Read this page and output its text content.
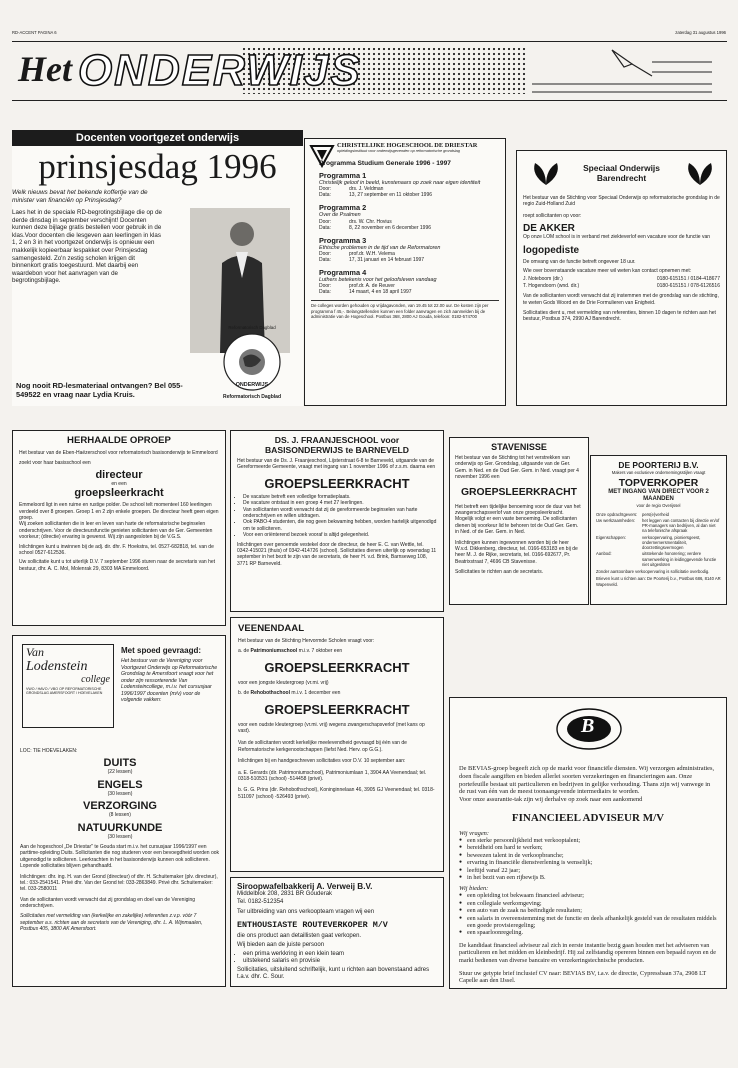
RD-ACCENT PAGINA 6	zaterdag 31 augustus 1996
Het ONDERWIJS
Docenten voortgezet onderwijs
prinsjesdag 1996
Welk nieuws bevat het bekende koffertje van de minister van financiën op Prinsjesdag?
Laes het in de speciale RD-begrotingsbijlage die op de derde dinsdag in september verschijnt! Docenten kunnen deze bijlage gratis bestellen voor gebruik in de klas.Voor docenten die lesgeven aan leerlingen in klas 1, 2 en 3 in het voortgezet onderwijs is opnieuw een makkelijk kopieerbaar lespakket over Prinsjesdag samengesteld. Zo'n zestig scholen krijgen dit binnenkort gratis toegestuurd. Met daarbij een waardebon voor het aanvragen van de begrotingsbijlage.
Reformatorisch Dagblad
ONDERWIJS
Reformatorisch Dagblad
Nog nooit RD-lesmateriaal ontvangen? Bel 055-549522 en vraag naar Lydia Kruis.
CHRISTELIJKE HOGESCHOOL DE DRIESTAR
opleidingsinstituut voor onderwijsgevenden op reformatorische grondslag
Programma Studium Generale 1996 - 1997
Programma 1
Christelijk geloof in beeld, kunstenaars op zoek naar eigen identiteit
Door:	drs. J. Veldman
Data:	13, 27 september en 11 oktober 1996
Programma 2
Over de Psalmen
Door:	drs. W. Chr. Hovius
Data:	8, 22 november en 6 december 1996
Programma 3
Ethische problemen in de tijd van de Reformatoren
Door:	prof.dr. W.H. Velema
Data:	17, 31 januari en 14 februari 1997
Programma 4
Luthers betekenis voor het geloofsleven vandaag
Door:	prof.dr. A. de Reuver
Data:	14 maart, 4 en 18 april 1997
De colleges worden gehouden op vrijdagavonden, van 19.45 tot 22.00 uur. De kosten zijn per programma f 45,-. Belangstellenden kunnen een folder aanvragen en zich aanmelden bij de administratie van de Hogeschool. Postbus 368, 2800 AJ Gouda, telefoon: 0182-574700
Speciaal Onderwijs Barendrecht
Het bestuur van de Stichting voor Speciaal Onderwijs op reformatorische grondslag in de regio Zuid-Holland Zuid
roept sollicitanten op voor:
DE AKKER
Op onze LOM school is in verband met ziekteverlof een vacature voor de functie van
logopediste
De omvang van de functie betreft ongeveer 18 uur.
Wie over bovenstaande vacature meer wil weten kan contact opnemen met:
J. Noteboom (dir.)	0180-615151 / 0184-418677
T. Hogendoorn (wnd. dir.)	0180-615151 / 078-6126516
Van de sollicitanten wordt verwacht dat zij instemmen met de grondslag van de stichting, te weten Gods Woord en de Drie Formulieren van Enigheid.
Sollicitaties dient u, met vermelding van referenties, binnen 10 dagen te richten aan het bestuur, Postbus 374, 2990 AJ Barendrecht.
HERHAALDE OPROEP
Het bestuur van de Eben-Haëzerschool voor reformatorisch basisonderwijs te Emmeloord
zoekt voor haar basisschool een
directeur
en een
groepsleerkracht
Emmeloord ligt in een ruime en rustige polder. De school telt momenteel 160 leerlingen verdeeld over 8 groepen. Groep 1 en 2 zijn enkele groepen. De directeur heeft geen eigen groep.
Wij zoeken sollicitanten die in leer en leven van harte de reformatorische beginselen onderschrijven. Voor de directeursfunctie genieten sollicitanten van de Ger. Gemeenten voorkeur; (directie) ervaring is gewenst. Wij zijn aangesloten bij de V.G.S.
Inlichtingen kunt u inwinnen bij de adj. dir. dhr. F. Hoekstra, tel. 0527-682818, tel. van de school 0527-612536.
Uw sollicitatie kunt u tot uiterlijk D.V. 7 september 1996 sturen naar de secretaris van het bestuur, dhr. A. C. Mol, Molenrak 29, 8303 MA Emmeloord.
DS. J. FRAANJESCHOOL voor BASISONDERWIJS te BARNEVELD
Het bestuur van de Ds. J. Fraanjeschool, Lijsterstraat 6-8 te Barneveld, uitgaande van de Gereformeerde Gemeente, vraagt met ingang van 1 november 1996 of z.s.m. daarna een
GROEPSLEERKRACHT
• De vacature betreft een volledige formatieplaats.
• De vacature ontstaat in een groep 4 met 27 leerlingen.
• Van sollicitanten wordt verwacht dat zij de gereformeerde beginselen van harte onderschrijven en willen uitdragen.
• Ook PABO-4 studenten, die nog geen bekwaming hebben, worden hartelijk uitgenodigd om te solliciteren.
• Voor een oriënterend bezoek vooraf is altijd gelegenheid.
Inlichtingen over genoemde vestekel door de directeur, de heer E. C. van Wettle, tel. 0342-415021 (thuis) of 0342-414726 (school). Sollicitaties dienen uiterlijk op woensdag 11 september in het bezit te zijn van de secretaris, de heer H. v.d. Brink, Barnseweg 108, 3771 RP Barneveld.
STAVENISSE
Het bestuur van de Stichting tot het verstrekken van onderwijs op Ger. Grondslag, uitgaande van de Ger. Gem. in Ned. en de Oud Ger. Gem. in Ned. vraagt per 4 november 1996 een
GROEPSLEERKRACHT
Het betreft een tijdelijke benoeming voor de duur van het zwangerschapsverlof van onze groepsleerkracht. Mogelijk volgt er een vaste benoeming. De sollicitanten dienen bij voorkeur lid te behoren tot de Oud Ger. Gem. in Ned. of de Ger. Gem. in Ned.
Inlichtingen kunnen ingewonnen worden bij de heer W.v.d. Dikkenberg, directeur, tel. 0166-653183 en bij de heer M. J. de Rijke, secretaris, tel. 0166-692677, Pr. Beatrixstraat 7, 4696 CB Stavenisse.
Sollicitaties te richten aan de secretaris.
DE POORTERIJ B.V.
Makers van exclusieve ondernemingsstijlen vraagt
TOPVERKOPER
MET INGANG VAN DIRECT VOOR 2 MAANDEN
voor de regio Overijssel
Onze opdrachtgevers:	pers(e)verheid
Uw werkzaamheden:	het leggen van contacten bij directie en/of PR-managers van bedrijven, al dan niet na telefonische afspraak
Eigenschappen:	verkoopervaring, pioniersgeest, ondernemersmentaliteit, doorzettingsvermogen
Aanbod:	uitstekende honorering; verdere samenwerking in leidinggevende functie niet uitgesloten
Zonder aantoonbare verkoopervaring is sollicitatie overbodig.
Brieven kunt u richten aan: De Poorterij b.v., Postbus 686, 8140 AR Wapenveld.
Van
Lodenstein
college
VWO / HAVO / VBO OP REFORMATORISCHE GRONDSLAG AMERSFOORT / HOEVELAKEN
Met spoed gevraagd:
Het bestuur van de Vereniging voor Voortgezet Onderwijs op Reformatorische Grondslag te Amersfoort vraagt voor het onder zijn ressorterende Van Lodensteincollege, m.i.v. het cursusjaar 1996/1997 docenten (m/v) voor de volgende vakken:
LOC: TIE HOEVELAKEN:
DUITS
(22 lessen)
ENGELS
(30 lessen)
VERZORGING
(8 lessen)
NATUURKUNDE
(30 lessen)
Aan de hogeschool „De Driestar" te Gouda start m.i.v. het cursusjaar 1996/1997 een parttime-opleiding Duits. Sollicitanten die nog studeren voor een bevoegdheid worden ook uitgenodigd te solliciteren. Leerkrachten in het basisonderwijs kunnen ook solliciteren. Lopende sollicitaties blijven gehandhaafd.
Inlichtingen: dhr. ing. H. van der Grond (directeur) of dhr. H. Schuitemaker (plv. directeur), tel.: 033-2541541. Privé dhr. Van der Grond tel: 033-2863849. Privé dhr. Schuitemaker: tel. 033-2580011
Van de sollicitanten wordt verwacht dat zij grondslag en doel van de Vereniging onderschrijven.
Sollicitaties met vermelding van (kerkelijke en zakelijke) referenties z.v.p. vóór 7 september a.s. richten aan de secretaris van de Vereniging, dhr. L. A. Wijnmaalen, Postbus 405, 3800 AK Amersfoort.
VEENENDAAL
Het bestuur van de Stichting Hervormde Scholen vraagt voor:
a. de Patrimoniumschool m.i.v. 7 oktober een
GROEPSLEERKRACHT
voor een jongste kleutergroep (vr.mi. vrij)
b. de Rehobothschool m.i.v. 1 december een
GROEPSLEERKRACHT
voor een oudste kleutergroep (vr.mi. vrij) wegens zwangerschapsverlof (met kans op vast).
Van de sollicitanten wordt kerkelijke meelevendheid gevraagd bij één van de Reformatorische kerkgenootschappen (liefst Ned. Herv. op G.G.).
Inlichtingen bij en handgeschreven sollicitaties voor D.V. 10 september aan:
a. E. Gerards (dir. Patrimoniumschool), Patrimoniumlaan 1, 3904 AA Veenendaal; tel. 0318-510531 (school) -514458 (privé).
b. G. G. Prins (dir. Rehobothschool), Koninginnelaan 46, 3905 GJ Veenendaal; tel. 0318-511097 (school) -526493 (privé).
Siroopwafelbakkerij A. Verweij B.V.
Middelblok 208, 2831 BR Gouderak
Tel. 0182-512354
Ter uitbreiding van ons verkoopteam vragen wij een
ENTHOUSIASTE ROUTEVERKOPER M/V
die ons product aan detaillisten gaat verkopen.
Wij bieden aan de juiste persoon
• een prima werkkring in een klein team
• uitstekend salaris en provisie
Sollicitaties, uitsluitend schriftelijk, kunt u richten aan bovenstaand adres t.a.v. dhr. C. Sour.
B
De BEVIAS-groep begeeft zich op de markt voor financiële diensten. Wij verzorgen administraties, doen fiscale aangiften en bieden allerlei soorten verzekeringen en financieringen aan. Onze portefeuille bestaat uit particulieren en bedrijven in gelijke verhouding. Thans zijn wij vanwege in de rust van één van de meest toonaangevende intermediairs te worden.
Voor onze assurantie-tak zijn wij derhalve op zoek naar een aankomend
FINANCIEEL ADVISEUR M/V
Wij vragen:
● een sterke persoonlijkheid met verkooptalent;
● bereidheid om hard te werken;
● beweezen talent in de verkoopbranche;
● ervaring in financiële dienstverlening is wenselijk;
● leeftijd vanaf 22 jaar;
● in het bezit van een rijbewijs B.
Wij bieden:
● een opleiding tot bekwaam financieel adviseur;
● een collegiale werkomgeving;
● een auto van de zaak na beëindigde resultaten;
● een salaris in overeenstemming met de functie en deels afhankelijk gesteld van de resultaten middels een goede provisieregeling;
● een spaarloonregeling.
De kandidaat financieel adviseur zal zich in eerste instantie bezig gaan houden met het adviseren van particulieren en het midden en kleinbedrijf. Hij zal zelfstandig opereren binnen een bepaald rayon en de markt bedienen van diverse bancaire en verzekeringstechnische producten.
Stuur uw getypte brief inclusief CV naar: BEVIAS BV, t.a.v. de directie, Cypressbaan 37a, 2908 LT Capelle aan den IJssel.
